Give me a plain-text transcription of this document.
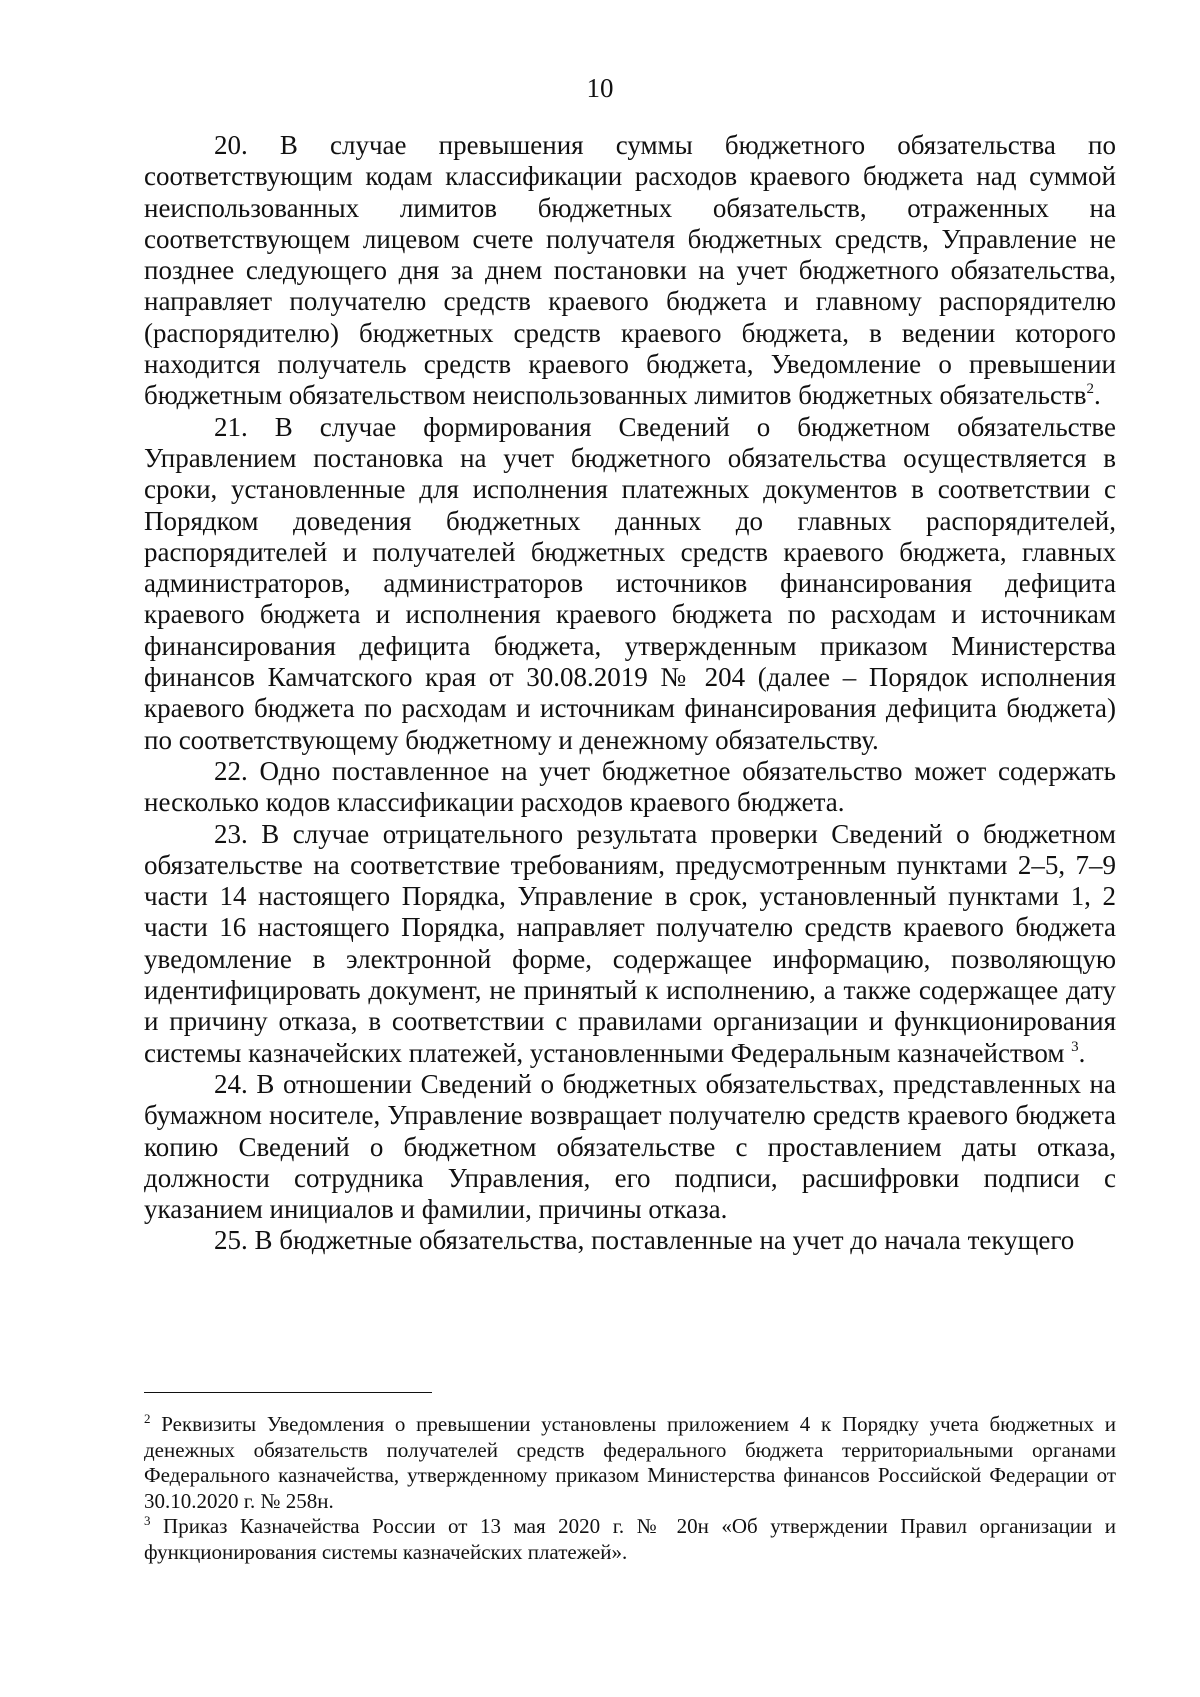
10

20. В случае превышения суммы бюджетного обязательства по соответствующим кодам классификации расходов краевого бюджета над суммой неиспользованных лимитов бюджетных обязательств, отраженных на соответствующем лицевом счете получателя бюджетных средств, Управление не позднее следующего дня за днем постановки на учет бюджетного обязательства, направляет получателю средств краевого бюджета и главному распорядителю (распорядителю) бюджетных средств краевого бюджета, в ведении которого находится получатель средств краевого бюджета, Уведомление о превышении бюджетным обязательством неиспользованных лимитов бюджетных обязательств$^2$.

21. В случае формирования Сведений о бюджетном обязательстве Управлением постановка на учет бюджетного обязательства осуществляется в сроки, установленные для исполнения платежных документов в соответствии с Порядком доведения бюджетных данных до главных распорядителей, распорядителей и получателей бюджетных средств краевого бюджета, главных администраторов, администраторов источников финансирования дефицита краевого бюджета и исполнения краевого бюджета по расходам и источникам финансирования дефицита бюджета, утвержденным приказом Министерства финансов Камчатского края от 30.08.2019 № 204 (далее – Порядок исполнения краевого бюджета по расходам и источникам финансирования дефицита бюджета) по соответствующему бюджетному и денежному обязательству.

22. Одно поставленное на учет бюджетное обязательство может содержать несколько кодов классификации расходов краевого бюджета.

23. В случае отрицательного результата проверки Сведений о бюджетном обязательстве на соответствие требованиям, предусмотренным пунктами 2–5, 7–9 части 14 настоящего Порядка, Управление в срок, установленный пунктами 1, 2 части 16 настоящего Порядка, направляет получателю средств краевого бюджета уведомление в электронной форме, содержащее информацию, позволяющую идентифицировать документ, не принятый к исполнению, а также содержащее дату и причину отказа, в соответствии с правилами организации и функционирования системы казначейских платежей, установленными Федеральным казначейством $^3$.

24. В отношении Сведений о бюджетных обязательствах, представленных на бумажном носителе, Управление возвращает получателю средств краевого бюджета копию Сведений о бюджетном обязательстве с проставлением даты отказа, должности сотрудника Управления, его подписи, расшифровки подписи с указанием инициалов и фамилии, причины отказа.

25. В бюджетные обязательства, поставленные на учет до начала текущего

$^2$ Реквизиты Уведомления о превышении установлены приложением 4 к Порядку учета бюджетных и денежных обязательств получателей средств федерального бюджета территориальными органами Федерального казначейства, утвержденному приказом Министерства финансов Российской Федерации от 30.10.2020 г. № 258н.

$^3$ Приказ Казначейства России от 13 мая 2020 г. № 20н «Об утверждении Правил организации и функционирования системы казначейских платежей».
